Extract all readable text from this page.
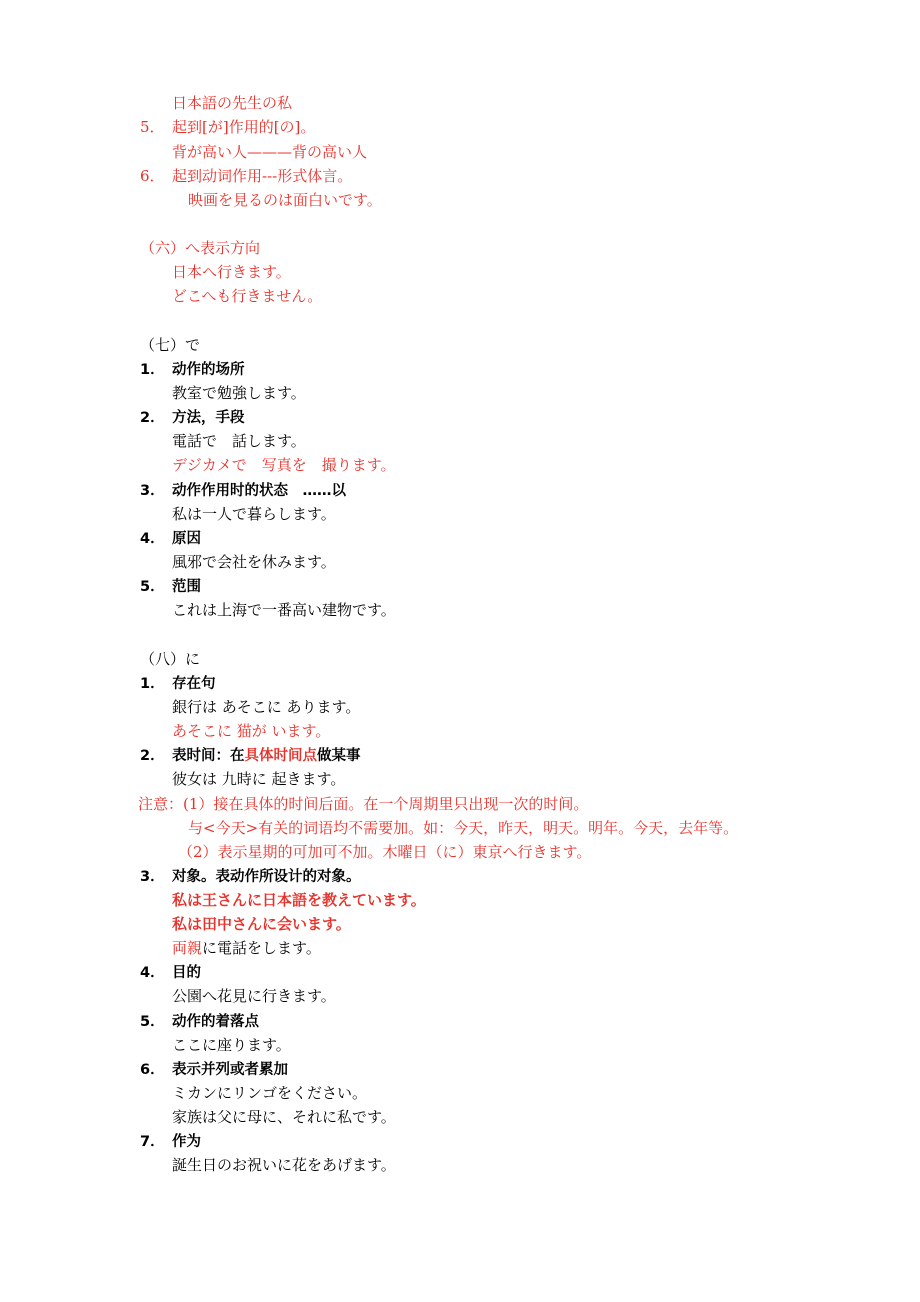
日本語の先生の私
5． 起到[が]作用的[の]。
背が高い人———背の高い人
6． 起到动词作用---形式体言。
映画を見るのは面白いです。
（六）へ表示方向
日本へ行きます。
どこへも行きません。
（七）で
1． 动作的场所
教室で勉強します。
2． 方法，手段
電話で　話します。
デジカメで　写真を　撮ります。
3． 动作作用时的状态　……以
私は一人で暮らします。
4． 原因
風邪で会社を休みます。
5． 范围
これは上海で一番高い建物です。
（八）に
1． 存在句
銀行は あそこに あります。
あそこに 猫が います。
2． 表时间：在具体时间点做某事
彼女は 九時に 起きます。
注意：(1）接在具体的时间后面。在一个周期里只出现一次的时间。
与<今天>有关的词语均不需要加。如：今天，昨天，明天。明年。今天，去年等。
（2）表示星期的可加可不加。木曜日（に）東京へ行きます。
3． 对象。表动作所设计的对象。
私は王さんに日本語を教えています。
私は田中さんに会います。
両親に電話をします。
4． 目的
公園へ花見に行きます。
5． 动作的着落点
ここに座ります。
6． 表示并列或者累加
ミカンにリンゴをください。
家族は父に母に、それに私です。
7． 作为
誕生日のお祝いに花をあげます。
